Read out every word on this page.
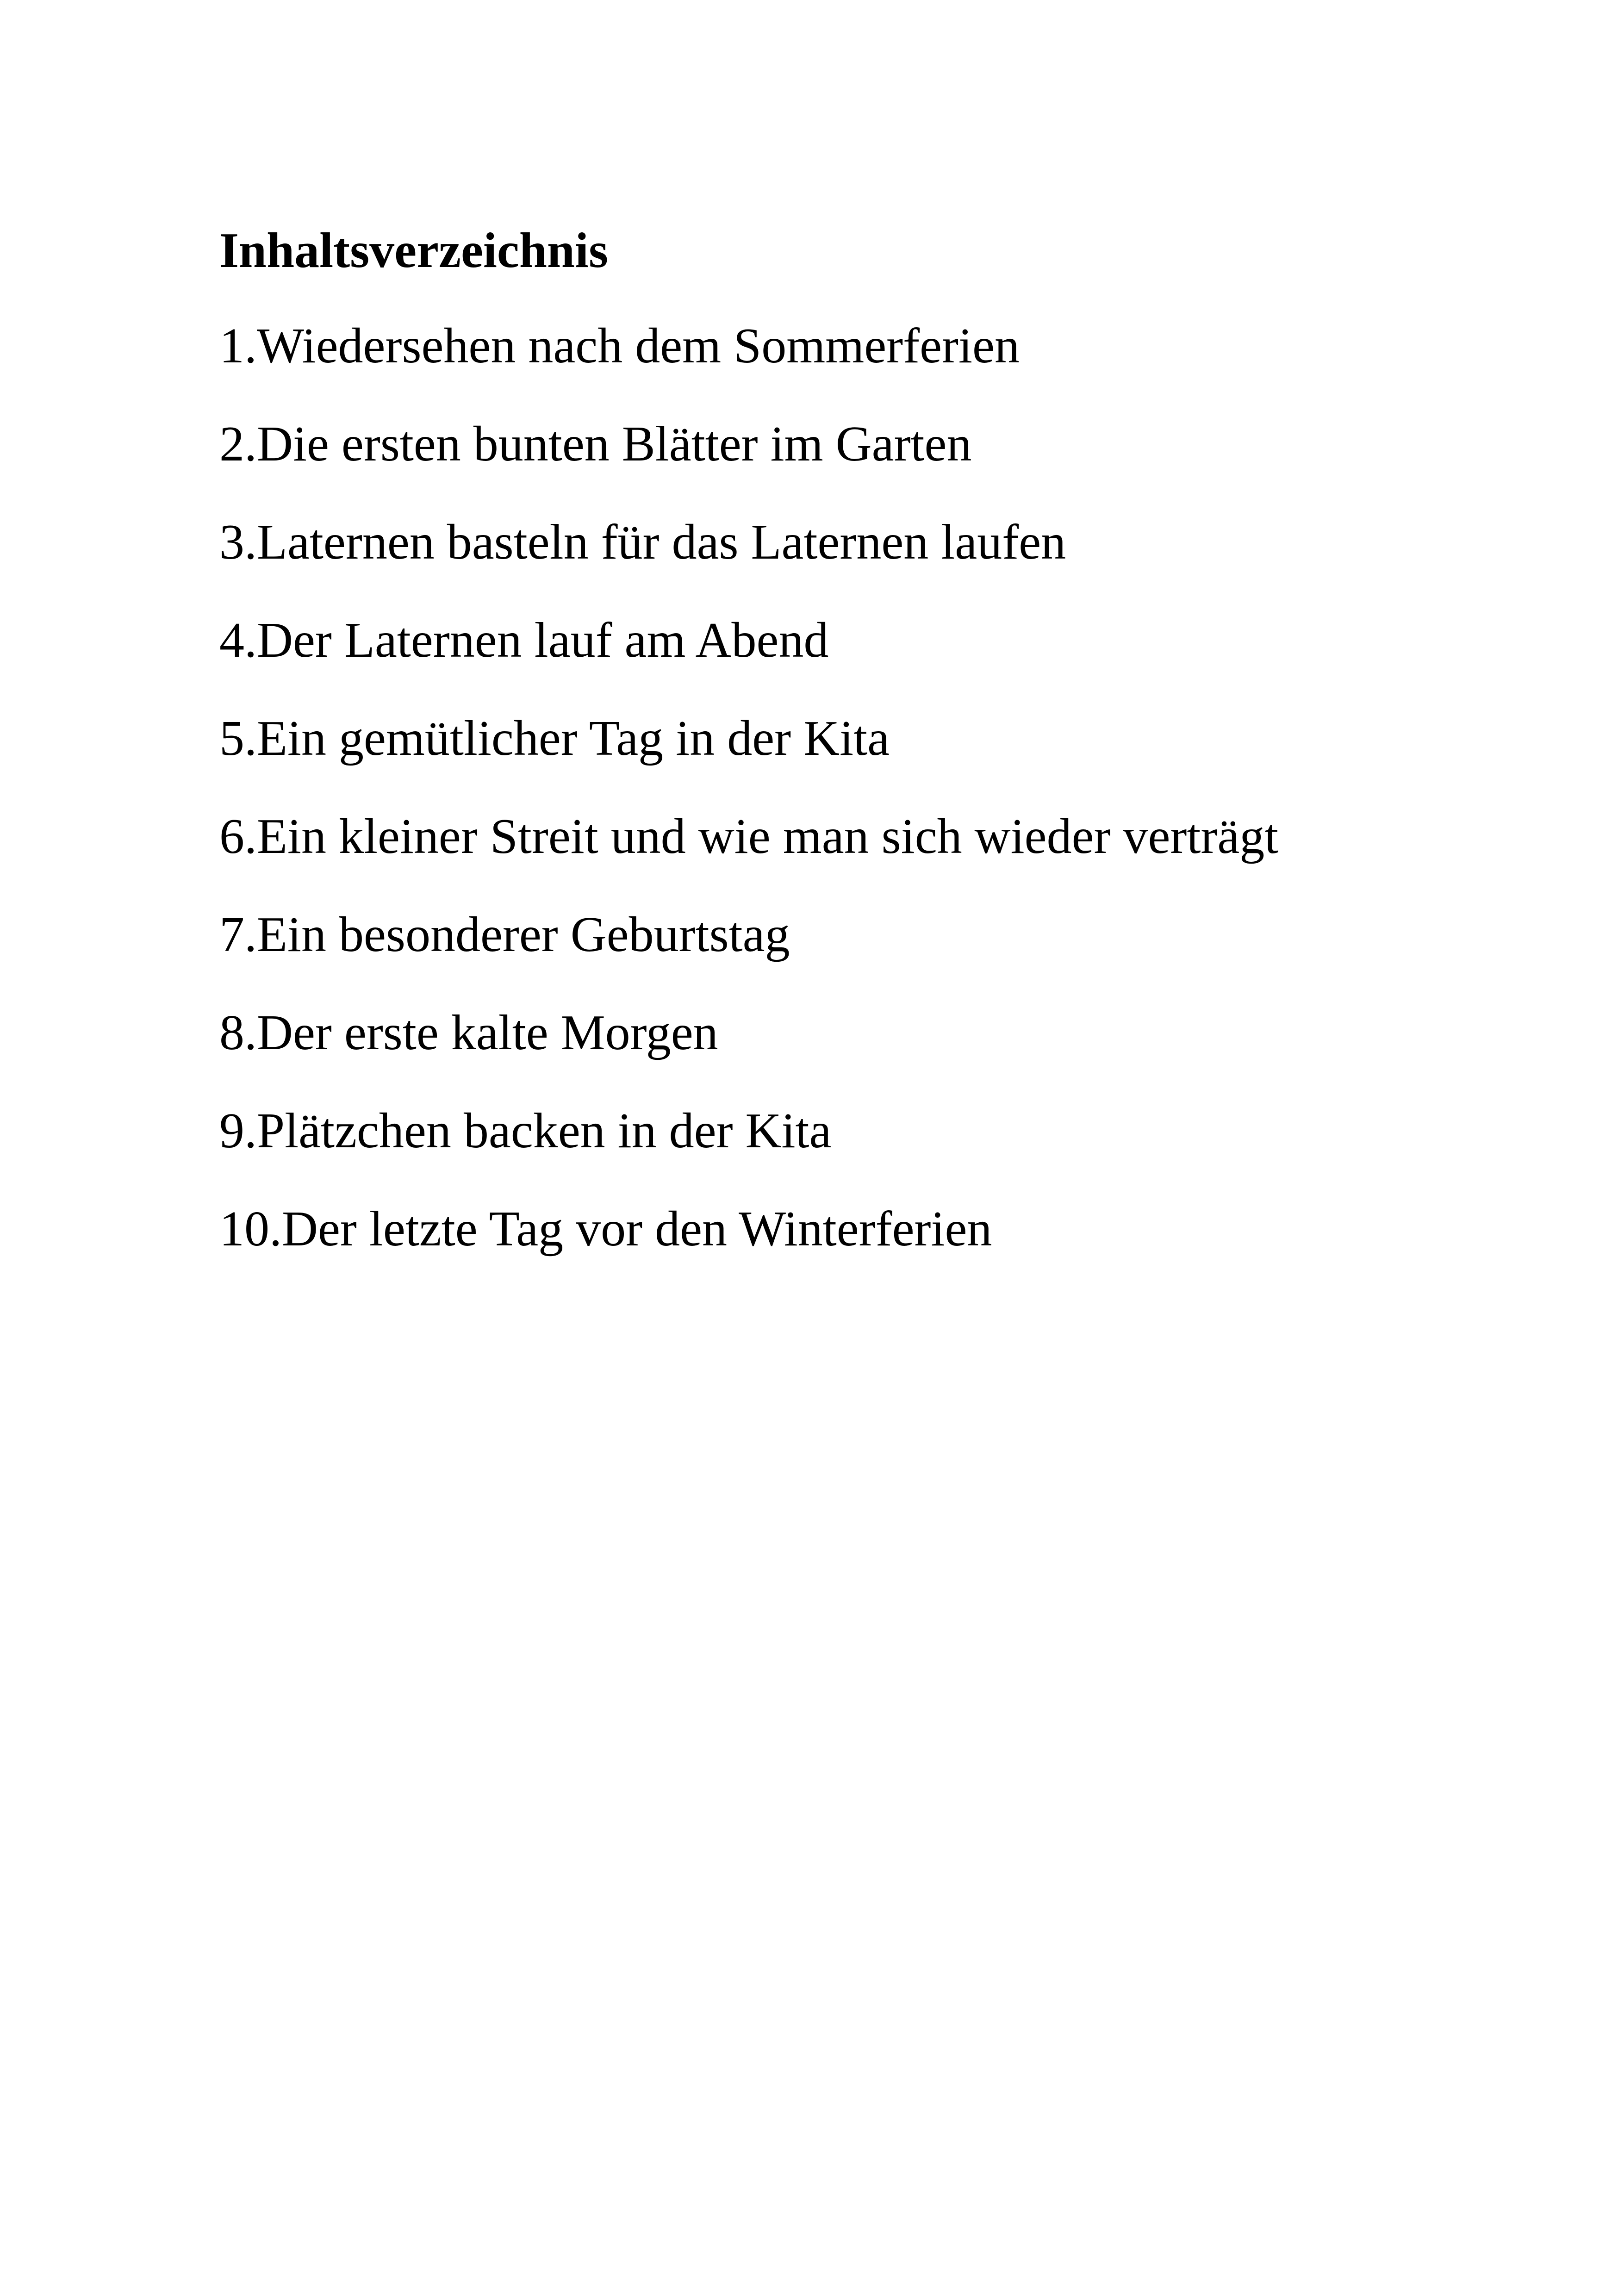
Inhaltsverzeichnis
1.Wiedersehen nach dem Sommerferien
2.Die ersten bunten Blätter im Garten
3.Laternen basteln für das Laternen laufen
4.Der Laternen lauf am Abend
5.Ein gemütlicher Tag in der Kita
6.Ein kleiner Streit und wie man sich wieder verträgt
7.Ein besonderer Geburtstag
8.Der erste kalte Morgen
9.Plätzchen backen in der Kita
10.Der letzte Tag vor den Winterferien
